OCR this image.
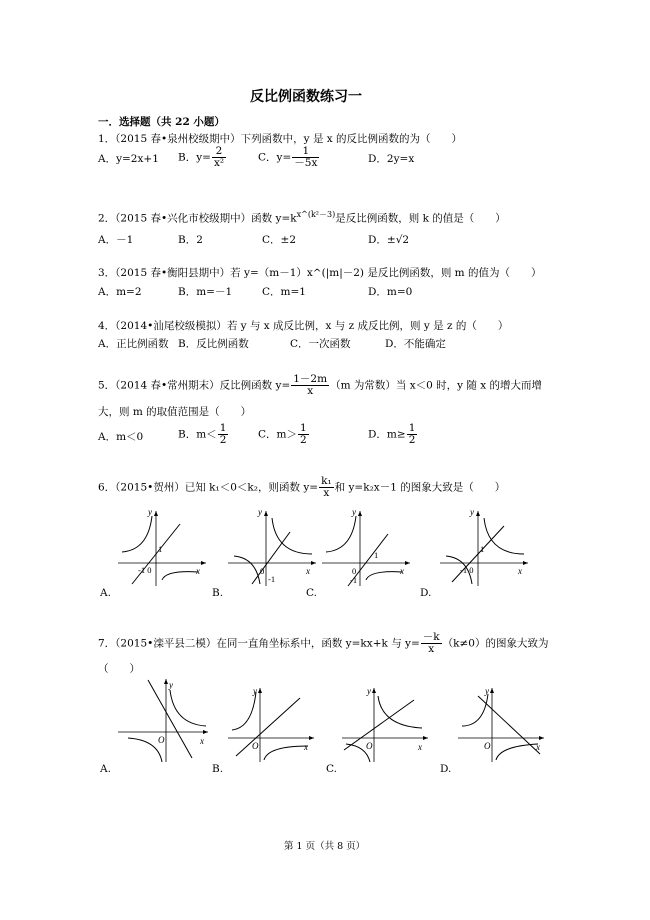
反比例函数练习一
一．选择题（共 22 小题）
1．（2015 春•泉州校级期中）下列函数中，y 是 x 的反比例函数的为（　　）
A．y=2x+1 B．$y= \frac{2}{\text{x²}}$	C．$y= \frac{1}{-5x}$	D．2y=x
2．（2015 春•兴化市校级期中）函数 $y=k^{x\^{}(k^2-3)}$是反比例函数，则 k 的值是（　　）
A．－1	B．2	C．±2	D．±√2
3．（2015 春•衡阳县期中）若 y=（m－1）x^(|m|－2) 是反比例函数，则 m 的值为（　　）
A．m=2	B．m=－1	C．m=1	D．m=0
4．（2014•汕尾校级模拟）若 y 与 x 成反比例，x 与 z 成反比例，则 y 是 z 的（　　）
A．正比例函数 B．反比例函数	C．一次函数	D．不能确定
5．（2014 春•常州期末）反比例函数 $y= \frac{1-2m}{x} (m$ 为常数）当 x＜0 时，y 随 x 的增大而增
大，则 m 的取值范围是（　　）
A．m＜0	B．$m< \frac{1}{2}$	C．$m> \frac{1}{2}$	D．$m\ge \frac{1}{2}$
6．（2015•贺州）已知 k₁＜0＜k₂，则函数 $y= \frac{\text{k₁}}{x}$ 和 y=k₂x－1 的图象大致是（　　）
y
x
1
-1 0
A.
y
x
0
-1
B.
y
x
1
0
-1
C.
y
x
1
-1 0
D.
7．（2015•滦平县二模）在同一直角坐标系中，函数 y=kx+k 与 $y= \frac{-k}{x} (k\ne 0)$的图象大致为
（　　）
y
x
O
A.
y
x
O
B.
y
x
O
C.
y
x
O
D.
第 1 页（共 8 页）
